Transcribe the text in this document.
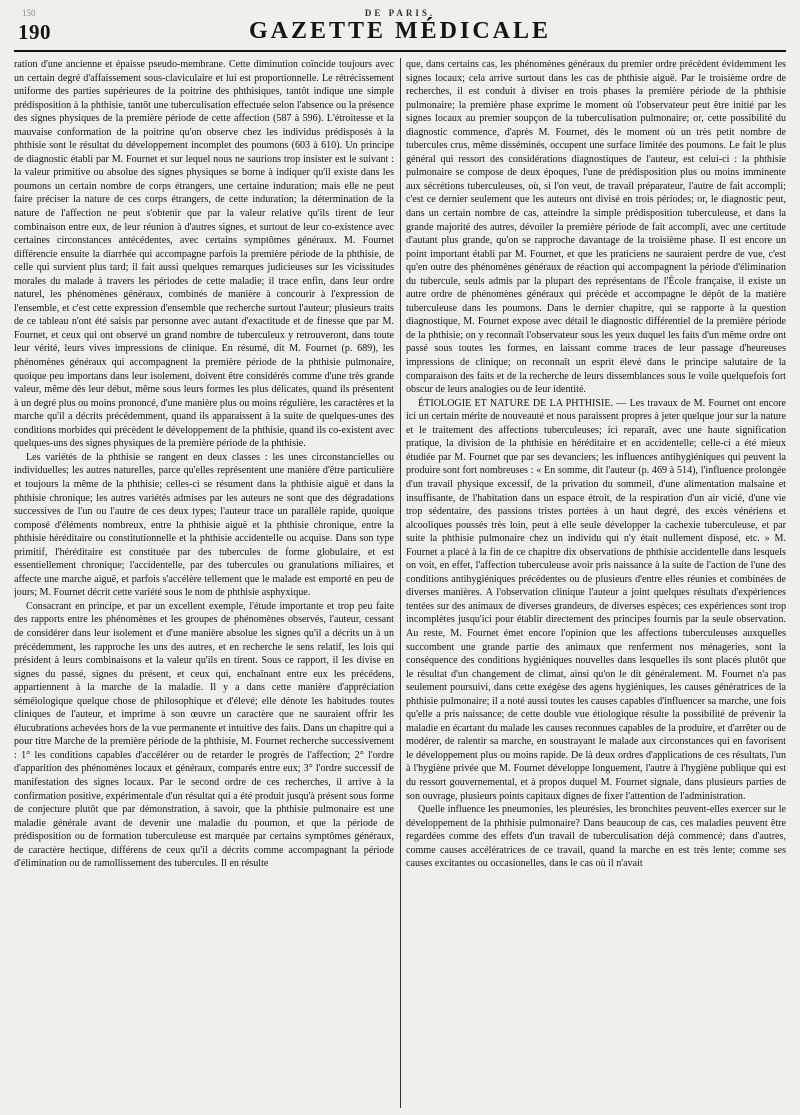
150
190
DE PARIS.
GAZETTE MÉDICALE

ration d'une ancienne et épaisse pseudo-membrane. Cette diminution coïncide toujours avec un certain degré d'affaissement sous-claviculaire et lui est proportionnelle. Le rétrécissement uniforme des parties supérieures de la poitrine des phthisiques, tantôt indique une simple prédisposition à la phthisie, tantôt une tuberculisation effectuée selon l'absence ou la présence des signes physiques de la première période de cette affection (587 à 596). L'étroitesse et la mauvaise conformation de la poitrine qu'on observe chez les individus prédisposés à la phthisie sont le résultat du développement incomplet des poumons (603 à 610). Un principe de diagnostic établi par M. Fournet et sur lequel nous ne saurions trop insister est le suivant : la valeur primitive ou absolue des signes physiques se borne à indiquer qu'il existe dans les poumons un certain nombre de corps étrangers, une certaine induration; mais elle ne peut faire préciser la nature de ces corps étrangers, de cette induration; la détermination de la nature de l'affection ne peut s'obtenir que par la valeur relative qu'ils tirent de leur combinaison entre eux, de leur réunion à d'autres signes, et surtout de leur co-existence avec certaines circonstances antécédentes, avec certains symptômes généraux. M. Fournet différencie ensuite la diarrhée qui accompagne parfois la première période de la phthisie, de celle qui survient plus tard; il fait aussi quelques remarques judicieuses sur les vicissitudes morales du malade à travers les périodes de cette maladie; il trace enfin, dans leur ordre naturel, les phénomènes généraux, combinés de manière à concourir à l'expression de l'ensemble, et c'est cette expression d'ensemble que recherche surtout l'auteur; plusieurs traits de ce tableau n'ont été saisis par personne avec autant d'exactitude et de finesse que par M. Fournet, et ceux qui ont observé un grand nombre de tuberculeux y retrouveront, dans toute leur vérité, leurs vives impressions de clinique. En résumé, dit M. Fournet (p. 689), les phénomènes généraux qui accompagnent la première période de la phthisie pulmonaire, quoique peu importans dans leur isolement, doivent être considérés comme d'une très grande valeur, même dès leur début, même sous leurs formes les plus délicates, quand ils présentent à un degré plus ou moins prononcé, d'une manière plus ou moins régulière, les caractères et la marche qu'il a décrits précédemment, quand ils apparaissent à la suite de quelques-unes des conditions morbides qui précèdent le développement de la phthisie, quand ils co-existent avec quelques-uns des signes physiques de la première période de la phthisie.

Les variétés de la phthisie se rangent en deux classes : les unes circonstancielles ou individuelles; les autres naturelles, parce qu'elles représentent une manière d'être particulière et toujours la même de la phthisie; celles-ci se résument dans la phthisie aiguë et dans la phthisie chronique; les autres variétés admises par les auteurs ne sont que des dégradations successives de l'un ou l'autre de ces deux types; l'auteur trace un parallèle rapide, quoique composé d'éléments nombreux, entre la phthisie aiguë et la phthisie chronique, entre la phthisie héréditaire ou constitutionnelle et la phthisie accidentelle ou acquise. Dans son type primitif, l'héréditaire est constituée par des tubercules de forme globulaire, et est essentiellement chronique; l'accidentelle, par des tubercules ou granulations miliaires, et affecte une marche aiguë, et parfois s'accélère tellement que le malade est emporté en peu de jours; M. Fournet décrit cette variété sous le nom de phthisie asphyxique.

Consacrant en principe, et par un excellent exemple, l'étude importante et trop peu faite des rapports entre les phénomènes et les groupes de phénomènes observés, l'auteur, cessant de considérer dans leur isolement et d'une manière absolue les signes qu'il a décrits un à un précédemment, les rapproche les uns des autres, et en recherche le sens relatif, les lois qui président à leurs combinaisons et la valeur qu'ils en tirent. Sous ce rapport, il les divise en signes du passé, signes du présent, et ceux qui, enchaînant entre eux les précédens, appartiennent à la marche de la maladie. Il y a dans cette manière d'appréciation séméiologique quelque chose de philosophique et d'élevé; elle dénote les habitudes toutes cliniques de l'auteur, et imprime à son œuvre un caractère que ne sauraient offrir les élucubrations achevées hors de la vue permanente et intuitive des faits. Dans un chapitre qui a pour titre Marche de la première période de la phthisie, M. Fournet recherche successivement : 1° les conditions capables d'accélérer ou de retarder le progrès de l'affection; 2° l'ordre d'apparition des phénomènes locaux et généraux, comparés entre eux; 3° l'ordre successif de manifestation des signes locaux. Par le second ordre de ces recherches, il arrive à la confirmation positive, expérimentale d'un résultat qui a été produit jusqu'à présent sous forme de conjecture plutôt que par démonstration, à savoir, que la phthisie pulmonaire est une maladie générale avant de devenir une maladie du poumon, et que la période de prédisposition ou de formation tuberculeuse est marquée par certains symptômes généraux, de caractère hectique, différens de ceux qu'il a décrits comme accompagnant la période d'élimination ou de ramollissement des tubercules. Il en résulte

que, dans certains cas, les phénomènes généraux du premier ordre précèdent évidemment les signes locaux; cela arrive surtout dans les cas de phthisie aiguë. Par le troisième ordre de recherches, il est conduit à diviser en trois phases la première période de la phthisie pulmonaire; la première phase exprime le moment où l'observateur peut être initié par les signes locaux au premier soupçon de la tuberculisation pulmonaire; or, cette possibilité du diagnostic commence, d'après M. Fournet, dès le moment où un très petit nombre de tubercules crus, même disséminés, occupent une surface limitée des poumons. Le fait le plus général qui ressort des considérations diagnostiques de l'auteur, est celui-ci : la phthisie pulmonaire se compose de deux époques, l'une de prédisposition plus ou moins imminente aux sécrétions tuberculeuses, où, si l'on veut, de travail préparateur, l'autre de fait accompli; c'est ce dernier seulement que les auteurs ont divisé en trois périodes; or, le diagnostic peut, dans un certain nombre de cas, atteindre la simple prédisposition tuberculeuse, et dans la grande majorité des autres, dévoiler la première période de fait accompli, avec une certitude d'autant plus grande, qu'on se rapproche davantage de la troisième phase. Il est encore un point important établi par M. Fournet, et que les praticiens ne sauraient perdre de vue, c'est qu'en outre des phénomènes généraux de réaction qui accompagnent la période d'élimination du tubercule, seuls admis par la plupart des représentans de l'École française, il existe un autre ordre de phénomènes généraux qui précède et accompagne le dépôt de la matière tuberculeuse dans les poumons. Dans le dernier chapitre, qui se rapporte à la question diagnostique, M. Fournet expose avec détail le diagnostic différentiel de la première période de la phthisie; on y reconnaît l'observateur sous les yeux duquel les faits d'un même ordre ont passé sous toutes les formes, en laissant comme traces de leur passage d'heureuses impressions de clinique; on reconnaît un esprit élevé dans le principe salutaire de la comparaison des faits et de la recherche de leurs dissemblances sous le voile quelquefois fort obscur de leurs analogies ou de leur identité.

ÉTIOLOGIE ET NATURE DE LA PHTHISIE. — Les travaux de M. Fournet ont encore ici un certain mérite de nouveauté et nous paraissent propres à jeter quelque jour sur la nature et le traitement des affections tuberculeuses; ici reparaît, avec une haute signification pratique, la division de la phthisie en héréditaire et en accidentelle; celle-ci a été mieux étudiée par M. Fournet que par ses devanciers; les influences antihygiéniques qui peuvent la produire sont fort nombreuses : « En somme, dit l'auteur (p. 469 à 514), l'influence prolongée d'un travail physique excessif, de la privation du sommeil, d'une alimentation malsaine et insuffisante, de l'habitation dans un espace étroit, de la respiration d'un air vicié, d'une vie trop sédentaire, des passions tristes portées à un haut degré, des excès vénériens et alcooliques poussés très loin, peut à elle seule développer la cachexie tuberculeuse, et par suite la phthisie pulmonaire chez un individu qui n'y était nullement disposé, etc. » M. Fournet a placé à la fin de ce chapitre dix observations de phthisie accidentelle dans lesquels on voit, en effet, l'affection tuberculeuse avoir pris naissance à la suite de l'action de l'une des conditions antihygiéniques précédentes ou de plusieurs d'entre elles réunies et combinées de diverses manières. A l'observation clinique l'auteur a joint quelques résultats d'expériences tentées sur des animaux de diverses grandeurs, de diverses espèces; ces expériences sont trop incomplètes jusqu'ici pour établir directement des principes fournis par la seule observation. Au reste, M. Fournet émet encore l'opinion que les affections tuberculeuses auxquelles succombent une grande partie des animaux que renferment nos ménageries, sont la conséquence des conditions hygiéniques nouvelles dans lesquelles ils sont placés plutôt que le résultat d'un changement de climat, ainsi qu'on le dit généralement. M. Fournet n'a pas seulement poursuivi, dans cette exégèse des agens hygiéniques, les causes génératrices de la phthisie pulmonaire; il a noté aussi toutes les causes capables d'influencer sa marche, une fois qu'elle a pris naissance; de cette double vue étiologique résulte la possibilité de prévenir la maladie en écartant du malade les causes reconnues capables de la produire, et d'arrêter ou de modérer, de ralentir sa marche, en soustrayant le malade aux circonstances qui en favorisent le développement plus ou moins rapide. De là deux ordres d'applications de ces résultats, l'un à l'hygiène privée que M. Fournet développe longuement, l'autre à l'hygiène publique qui est du ressort gouvernemental, et à propos duquel M. Fournet signale, dans plusieurs parties de son ouvrage, plusieurs points capitaux dignes de fixer l'attention de l'administration.

Quelle influence les pneumonies, les pleurésies, les bronchites peuvent-elles exercer sur le développement de la phthisie pulmonaire? Dans beaucoup de cas, ces maladies peuvent être regardées comme des effets d'un travail de tuberculisation déjà commencé; dans d'autres, comme causes accélératrices de ce travail, quand la marche en est très lente; comme ses causes excitantes ou occasionelles, dans le cas où il n'avait
